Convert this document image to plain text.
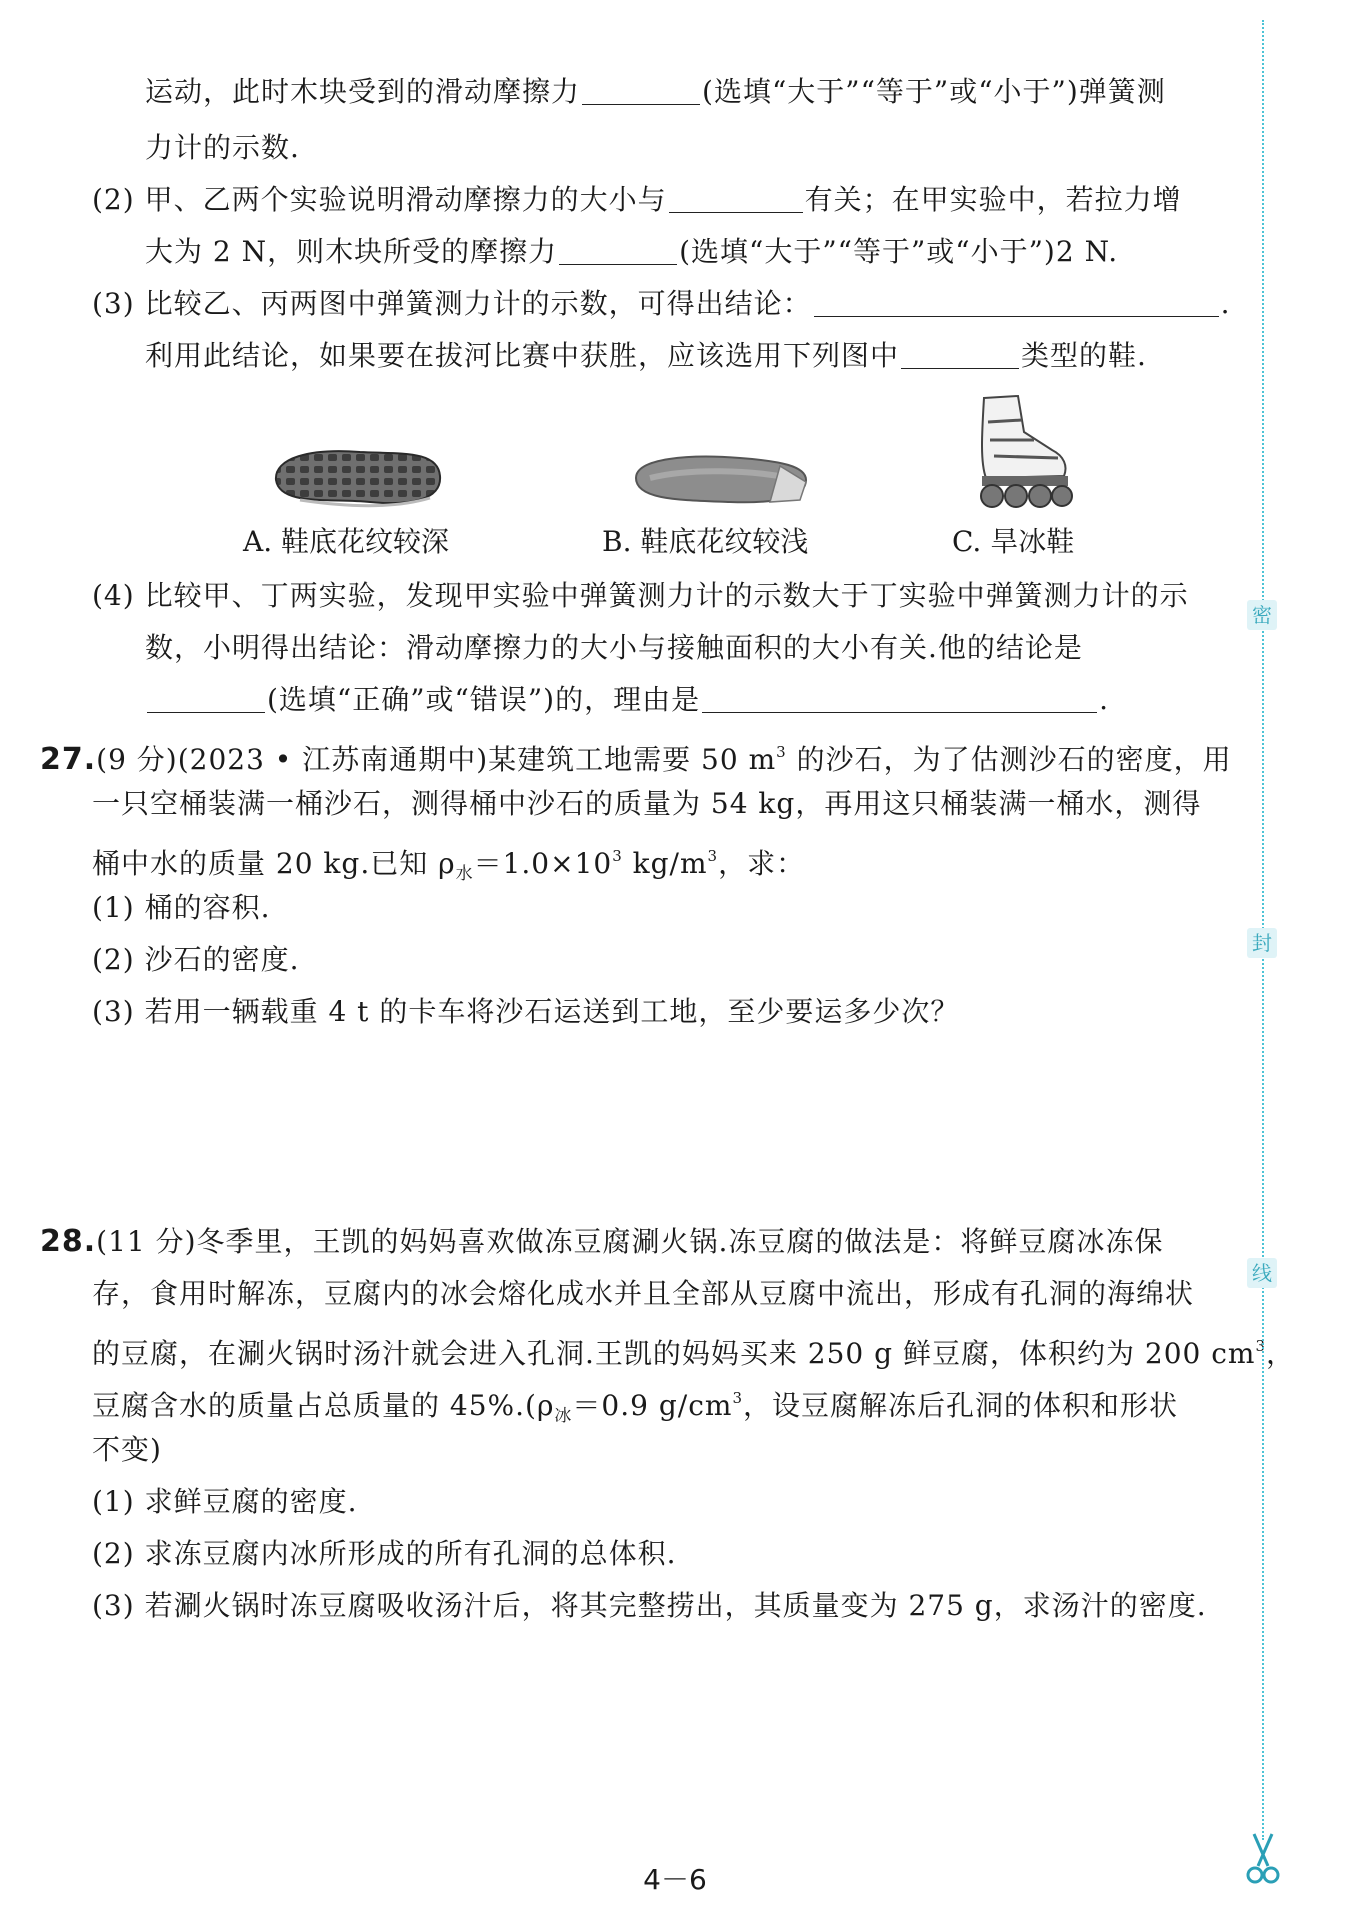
运动，此时木块受到的滑动摩擦力	(选填“大于”“等于”或“小于”)弹簧测
力计的示数.
(2) 甲、乙两个实验说明滑动摩擦力的大小与	有关；在甲实验中，若拉力增
大为 2 N，则木块所受的摩擦力	(选填“大于”“等于”或“小于”)2 N.
(3) 比较乙、丙两图中弹簧测力计的示数，可得出结论：	.
利用此结论，如果要在拔河比赛中获胜，应该选用下列图中	类型的鞋.
A. 鞋底花纹较深	B. 鞋底花纹较浅	C. 旱冰鞋
(4) 比较甲、丁两实验，发现甲实验中弹簧测力计的示数大于丁实验中弹簧测力计的示
数，小明得出结论：滑动摩擦力的大小与接触面积的大小有关.他的结论是
(选填“正确”或“错误”)的，理由是	.
27.(9 分)(2023 • 江苏南通期中)某建筑工地需要 50 $m^3$ 的沙石，为了估测沙石的密度，用
一只空桶装满一桶沙石，测得桶中沙石的质量为 54 kg，再用这只桶装满一桶水，测得
桶中水的质量 20 kg.已知 $\rho_水=1.0\times 10^3$ $kg/m^3$，求：
(1) 桶的容积.
(2) 沙石的密度.
(3) 若用一辆载重 4 t 的卡车将沙石运送到工地，至少要运多少次？
28.(11 分)冬季里，王凯的妈妈喜欢做冻豆腐涮火锅.冻豆腐的做法是：将鲜豆腐冰冻保
存，食用时解冻，豆腐内的冰会熔化成水并且全部从豆腐中流出，形成有孔洞的海绵状
的豆腐，在涮火锅时汤汁就会进入孔洞.王凯的妈妈买来 250 g 鲜豆腐，体积约为 200 $cm^3$，
豆腐含水的质量占总质量的 $45\%.(\rho_冰=0.9$ $g/cm^3$，设豆腐解冻后孔洞的体积和形状
不变)
(1) 求鲜豆腐的密度.
(2) 求冻豆腐内冰所形成的所有孔洞的总体积.
(3) 若涮火锅时冻豆腐吸收汤汁后，将其完整捞出，其质量变为 275 g，求汤汁的密度.
密
封
线
4－6
